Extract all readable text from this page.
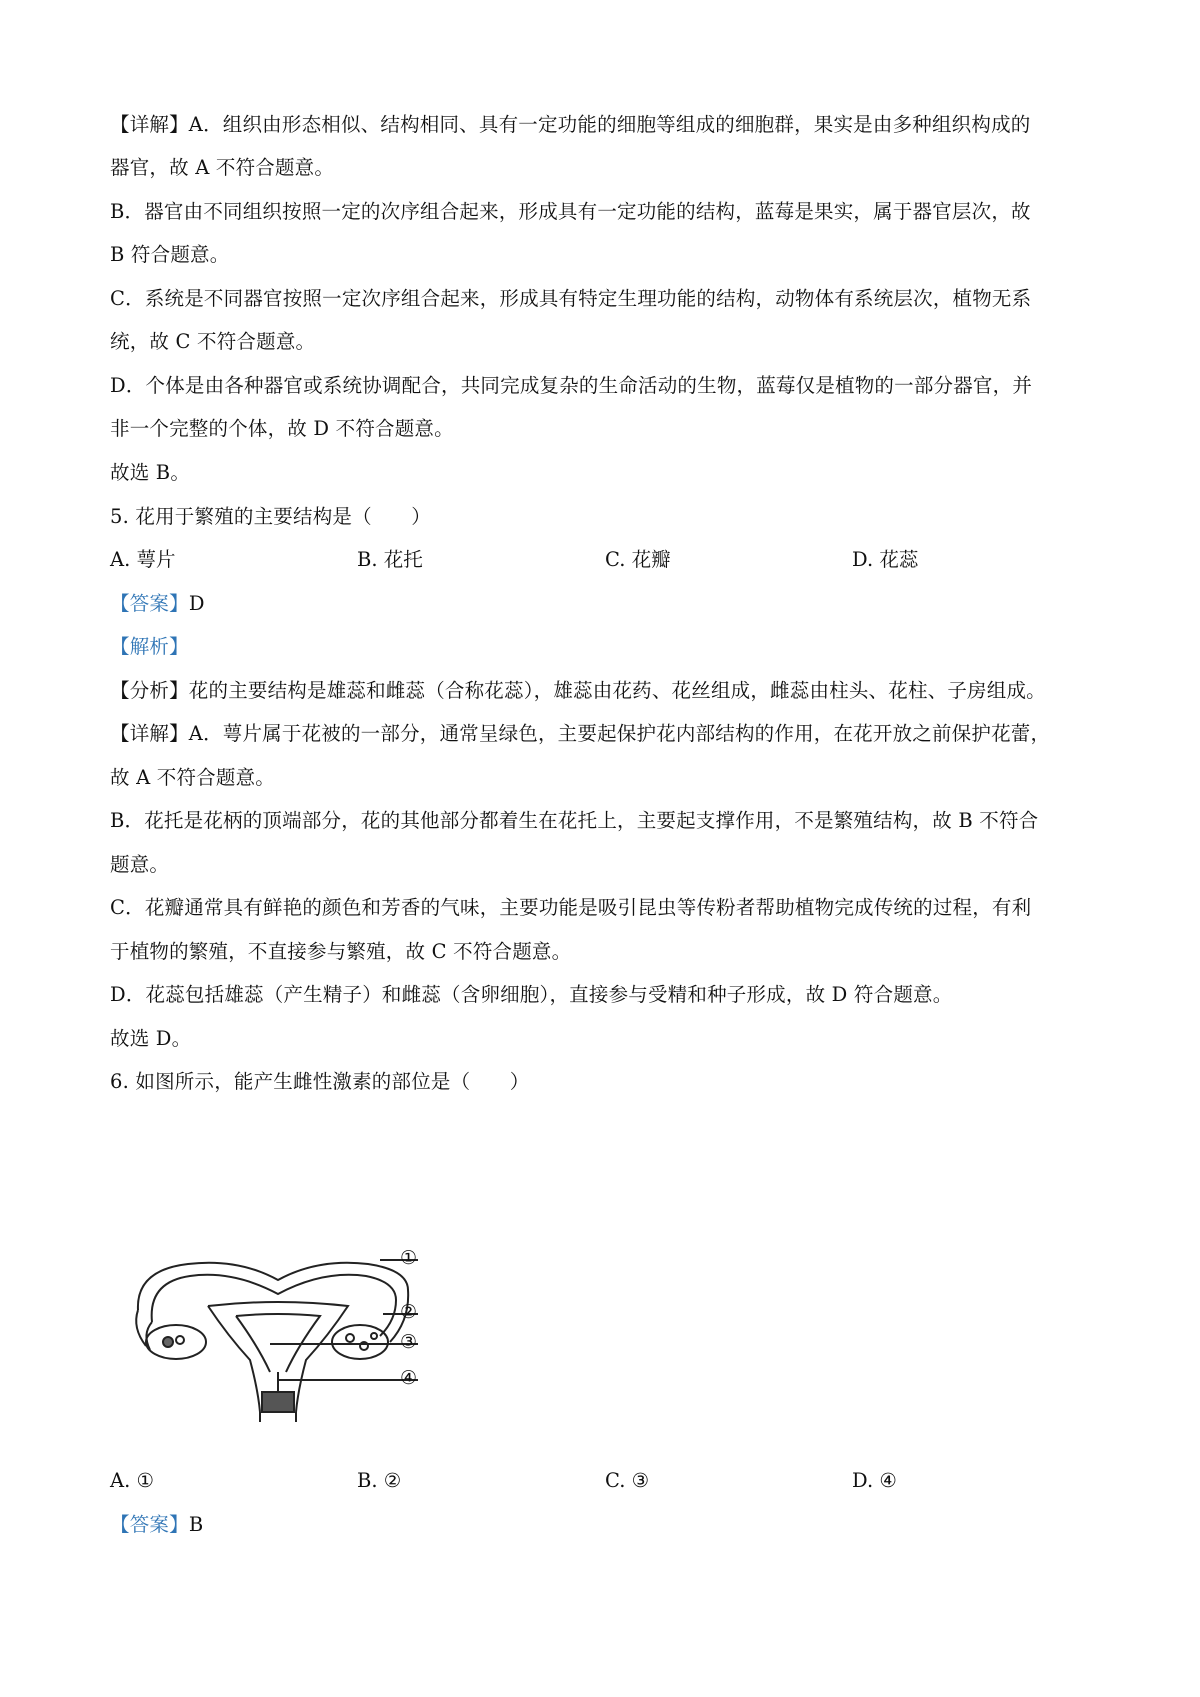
【详解】A．组织由形态相似、结构相同、具有一定功能的细胞等组成的细胞群，果实是由多种组织构成的
器官，故 A 不符合题意。
B．器官由不同组织按照一定的次序组合起来，形成具有一定功能的结构，蓝莓是果实，属于器官层次，故
B 符合题意。
C．系统是不同器官按照一定次序组合起来，形成具有特定生理功能的结构，动物体有系统层次，植物无系
统，故 C 不符合题意。
D．个体是由各种器官或系统协调配合，共同完成复杂的生命活动的生物，蓝莓仅是植物的一部分器官，并
非一个完整的个体，故 D 不符合题意。
故选 B。
5. 花用于繁殖的主要结构是（　　）
A. 萼片	B. 花托	C. 花瓣	D. 花蕊
【答案】D
【解析】
【分析】花的主要结构是雄蕊和雌蕊（合称花蕊），雄蕊由花药、花丝组成，雌蕊由柱头、花柱、子房组成。
【详解】A．萼片属于花被的一部分，通常呈绿色，主要起保护花内部结构的作用，在花开放之前保护花蕾，
故 A 不符合题意。
B．花托是花柄的顶端部分，花的其他部分都着生在花托上，主要起支撑作用，不是繁殖结构，故 B 不符合
题意。
C．花瓣通常具有鲜艳的颜色和芳香的气味，主要功能是吸引昆虫等传粉者帮助植物完成传统的过程，有利
于植物的繁殖，不直接参与繁殖，故 C 不符合题意。
D．花蕊包括雄蕊（产生精子）和雌蕊（含卵细胞），直接参与受精和种子形成，故 D 符合题意。
故选 D。
6. 如图所示，能产生雌性激素的部位是（　　）
①
②
③
④
A. ①	B. ②	C. ③	D. ④
【答案】B
